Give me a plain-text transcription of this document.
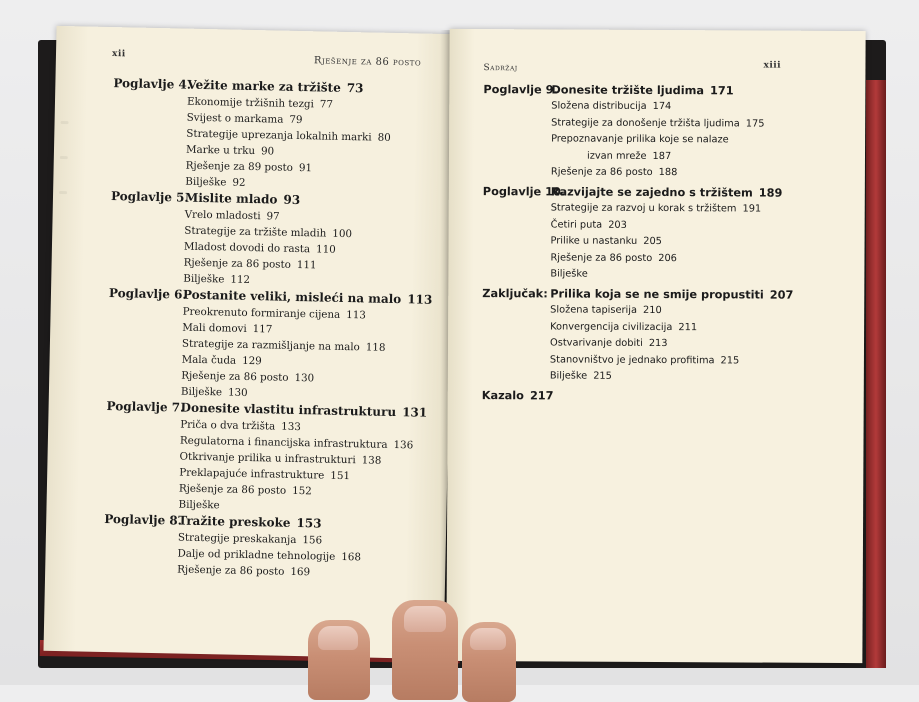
xii
Rješenje za 86 posto
Poglavlje 4.Vežite marke za tržište 73
Ekonomije tržišnih tezgi 77
Svijest o markama 79
Strategije uprezanja lokalnih marki 80
Marke u trku 90
Rješenje za 89 posto 91
Bilješke 92
Poglavlje 5.Mislite mlado 93
Vrelo mladosti 97
Strategije za tržište mladih 100
Mladost dovodi do rasta 110
Rješenje za 86 posto 111
Bilješke 112
Poglavlje 6.Postanite veliki, misleći na malo 113
Preokrenuto formiranje cijena 113
Mali domovi 117
Strategije za razmišljanje na malo 118
Mala čuda 129
Rješenje za 86 posto 130
Bilješke 130
Poglavlje 7.Donesite vlastitu infrastrukturu 131
Priča o dva tržišta 133
Regulatorna i financijska infrastruktura 136
Otkrivanje prilika u infrastrukturi 138
Preklapajuće infrastrukture 151
Rješenje za 86 posto 152
Bilješke
Poglavlje 8.Tražite preskoke 153
Strategije preskakanja 156
Dalje od prikladne tehnologije 168
Rješenje za 86 posto 169
Sadržaj	xiii
Poglavlje 9.Donesite tržište ljudima 171
Složena distribucija 174
Strategije za donošenje tržišta ljudima 175
Prepoznavanje prilika koje se nalaze
izvan mreže 187
Rješenje za 86 posto 188
Poglavlje 10.Razvijajte se zajedno s tržištem 189
Strategije za razvoj u korak s tržištem 191
Četiri puta 203
Prilike u nastanku 205
Rješenje za 86 posto 206
Bilješke
Zaključak: Prilika koja se ne smije propustiti 207
Složena tapiserija 210
Konvergencija civilizacija 211
Ostvarivanje dobiti 213
Stanovništvo je jednako profitima 215
Bilješke 215
Kazalo 217
